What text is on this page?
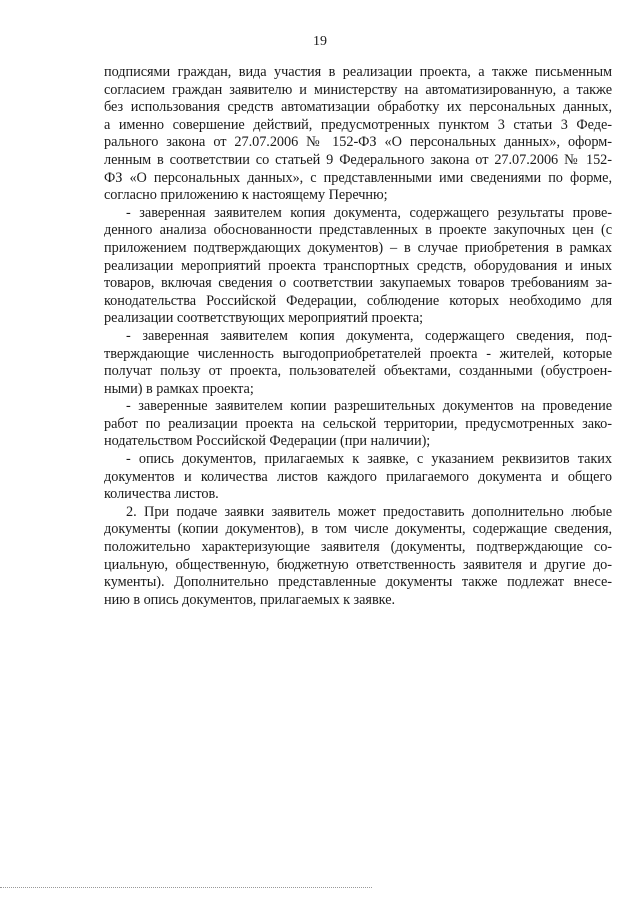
19

подписями граждан, вида участия в реализации проекта, а также письменным
согласием граждан заявителю и министерству на автоматизированную, а также
без использования средств автоматизации обработку их персональных данных,
а именно совершение действий, предусмотренных пунктом 3 статьи 3 Феде-
рального закона от 27.07.2006 № 152-ФЗ «О персональных данных», оформ-
ленным в соответствии со статьей 9 Федерального закона от 27.07.2006 № 152-
ФЗ «О персональных данных», с представленными ими сведениями по форме,
согласно приложению к настоящему Перечню;

- заверенная заявителем копия документа, содержащего результаты прове-
денного анализа обоснованности представленных в проекте закупочных цен (с
приложением подтверждающих документов) – в случае приобретения в рамках
реализации мероприятий проекта транспортных средств, оборудования и иных
товаров, включая сведения о соответствии закупаемых товаров требованиям за-
конодательства Российской Федерации, соблюдение которых необходимо для
реализации соответствующих мероприятий проекта;

- заверенная заявителем копия документа, содержащего сведения, под-
тверждающие численность выгодоприобретателей проекта - жителей, которые
получат пользу от проекта, пользователей объектами, созданными (обустроен-
ными) в рамках проекта;

- заверенные заявителем копии разрешительных документов на проведение
работ по реализации проекта на сельской территории, предусмотренных зако-
нодательством Российской Федерации (при наличии);

- опись документов, прилагаемых к заявке, с указанием реквизитов таких
документов и количества листов каждого прилагаемого документа и общего
количества листов.

2. При подаче заявки заявитель может предоставить дополнительно любые
документы (копии документов), в том числе документы, содержащие сведения,
положительно характеризующие заявителя (документы, подтверждающие со-
циальную, общественную, бюджетную ответственность заявителя и другие до-
кументы). Дополнительно представленные документы также подлежат внесе-
нию в опись документов, прилагаемых к заявке.
